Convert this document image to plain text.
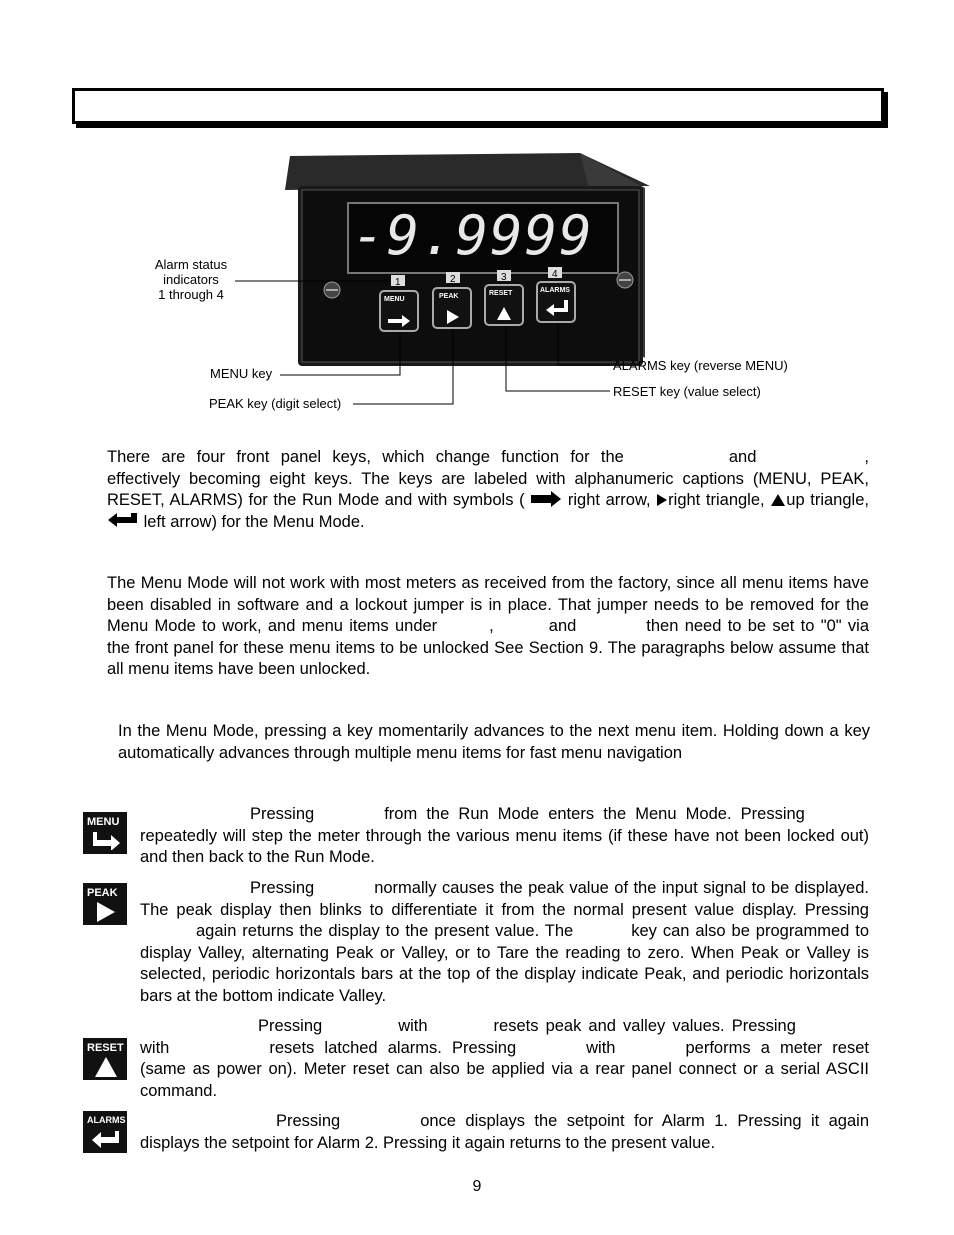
-9.9999
1	2	3	4
MENU	PEAK	RESET	ALARMS
Alarm status
indicators
1 through 4
MENU key
PEAK key (digit select)
ALARMS key (reverse MENU)
RESET key (value select)
There are four front panel keys, which change function for the	and	, effectively becoming eight keys. The keys are labeled with alphanumeric captions (MENU, PEAK, RESET, ALARMS) for the Run Mode and with symbols (	right arrow, right triangle, up triangle,  left arrow) for the Menu Mode.
The Menu Mode will not work with most meters as received from the factory, since all menu items have been disabled in software and a lockout jumper is in place. That jumper needs to be removed for the Menu Mode to work, and menu items under	,	and	then need to be set to "0" via the front panel for these menu items to be unlocked See Section 9. The paragraphs below assume that all menu items have been unlocked.
In the Menu Mode, pressing a key momentarily advances to the next menu item. Holding down a key automatically advances through multiple menu items for fast menu navigation
MENU	Pressing	from the Run Mode enters the Menu Mode. Pressing repeatedly will step the meter through the various menu items (if these have not been locked out) and then back to the Run Mode.
PEAK	Pressing	normally causes the peak value of the input signal to be displayed. The peak display then blinks to differentiate it from the normal present value display. Pressingagain returns the display to the present value. The	key can also be programmed to display Valley, alternating Peak or Valley, or to Tare the reading to zero. When Peak or Valley is selected, periodic horizontals bars at the top of the display indicate Peak, and periodic horizontals bars at the bottom indicate Valley.
RESET
Pressing	with	resets peak and valley values. Pressing with	resets latched alarms. Pressing	with	performs a meter reset (same as power on). Meter reset can also be applied via a rear panel connect or a serial ASCII command.
ALARMS	Pressing	once displays the setpoint for Alarm 1. Pressing it again displays the setpoint for Alarm 2. Pressing it again returns to the present value.
9
